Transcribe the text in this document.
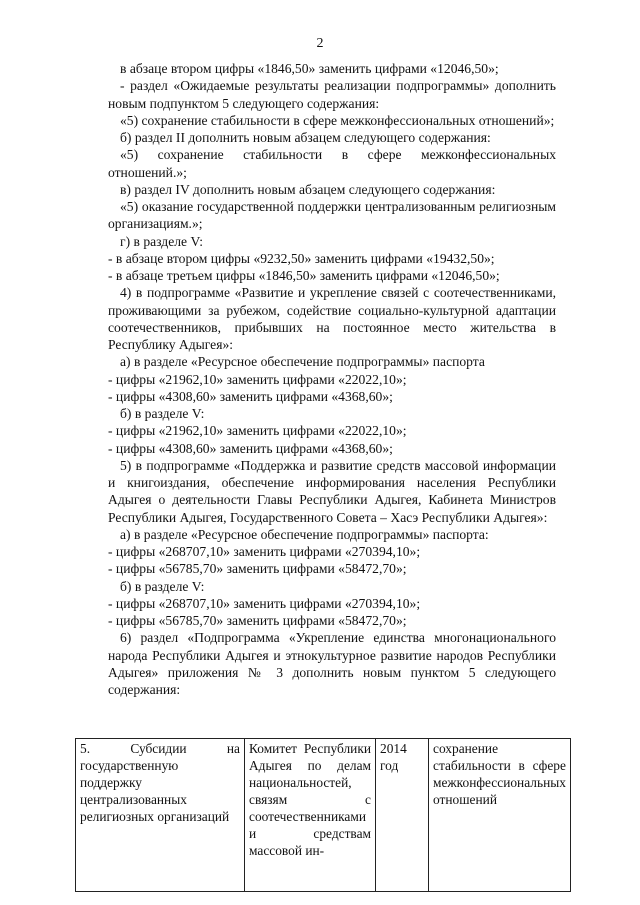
2

в абзаце втором цифры «1846,50» заменить цифрами «12046,50»;

- раздел «Ожидаемые результаты реализации подпрограммы» дополнить новым подпунктом 5 следующего содержания:

«5) сохранение стабильности в сфере межконфессиональных отношений»;

б) раздел II дополнить новым абзацем следующего содержания:

«5) сохранение стабильности в сфере межконфессиональных отношений.»;

в) раздел IV дополнить новым абзацем следующего содержания:

«5) оказание государственной поддержки централизованным религиозным организациям.»;

г) в разделе V:

- в абзаце втором цифры «9232,50» заменить цифрами «19432,50»;

- в абзаце третьем цифры «1846,50» заменить цифрами «12046,50»;

4) в подпрограмме «Развитие и укрепление связей с соотечественниками, проживающими за рубежом, содействие социально-культурной адаптации соотечественников, прибывших на постоянное место жительства в Республику Адыгея»:

а) в разделе «Ресурсное обеспечение подпрограммы» паспорта

- цифры «21962,10» заменить цифрами «22022,10»;

- цифры «4308,60» заменить цифрами «4368,60»;

б) в разделе V:

- цифры «21962,10» заменить цифрами «22022,10»;

- цифры «4308,60» заменить цифрами «4368,60»;

5) в подпрограмме «Поддержка и развитие средств массовой информации и книгоиздания, обеспечение информирования населения Республики Адыгея о деятельности Главы Республики Адыгея, Кабинета Министров Республики Адыгея, Государственного Совета – Хасэ Республики Адыгея»:

а) в разделе «Ресурсное обеспечение подпрограммы» паспорта:

- цифры «268707,10» заменить цифрами «270394,10»;

- цифры «56785,70» заменить цифрами «58472,70»;

б) в разделе V:

- цифры «268707,10» заменить цифрами «270394,10»;

- цифры «56785,70» заменить цифрами «58472,70»;

6) раздел «Подпрограмма «Укрепление единства многонационального народа Республики Адыгея и этнокультурное развитие народов Республики Адыгея» приложения № 3 дополнить новым пунктом 5 следующего содержания:

5. Субсидии на государственную поддержку централизованных религиозных организаций	Комитет Республики Адыгея по делам национальностей, связям с соотечественниками и средствам массовой ин-	2014 год	сохранение стабильности в сфере межконфессиональных отношений
